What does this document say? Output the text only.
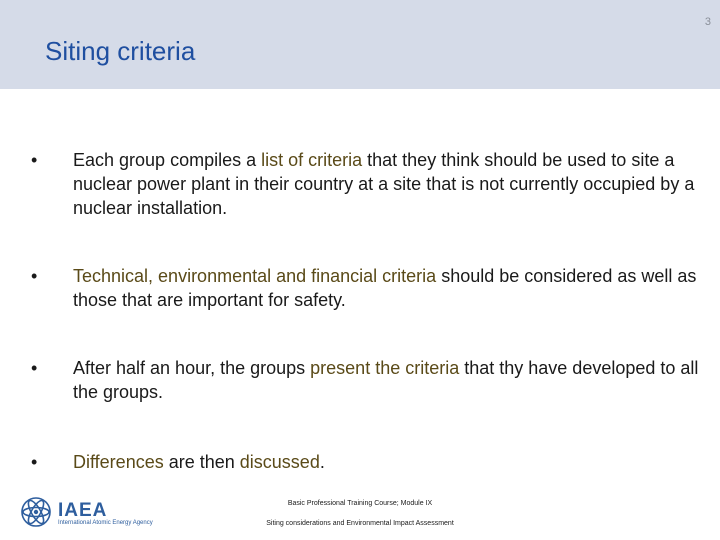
3
Siting criteria
•	Each group compiles a list of criteria that they think should be used to site a nuclear power plant in their country at a site that is not currently occupied by a nuclear installation.
•	Technical, environmental and financial criteria should be considered as well as those that are important for safety.
•	After half an hour, the groups present the criteria that thy have developed to all the groups.
•	Differences are then discussed.
IAEA
International Atomic Energy Agency
Basic Professional Training Course; Module IX
Siting considerations and Environmental Impact Assessment
